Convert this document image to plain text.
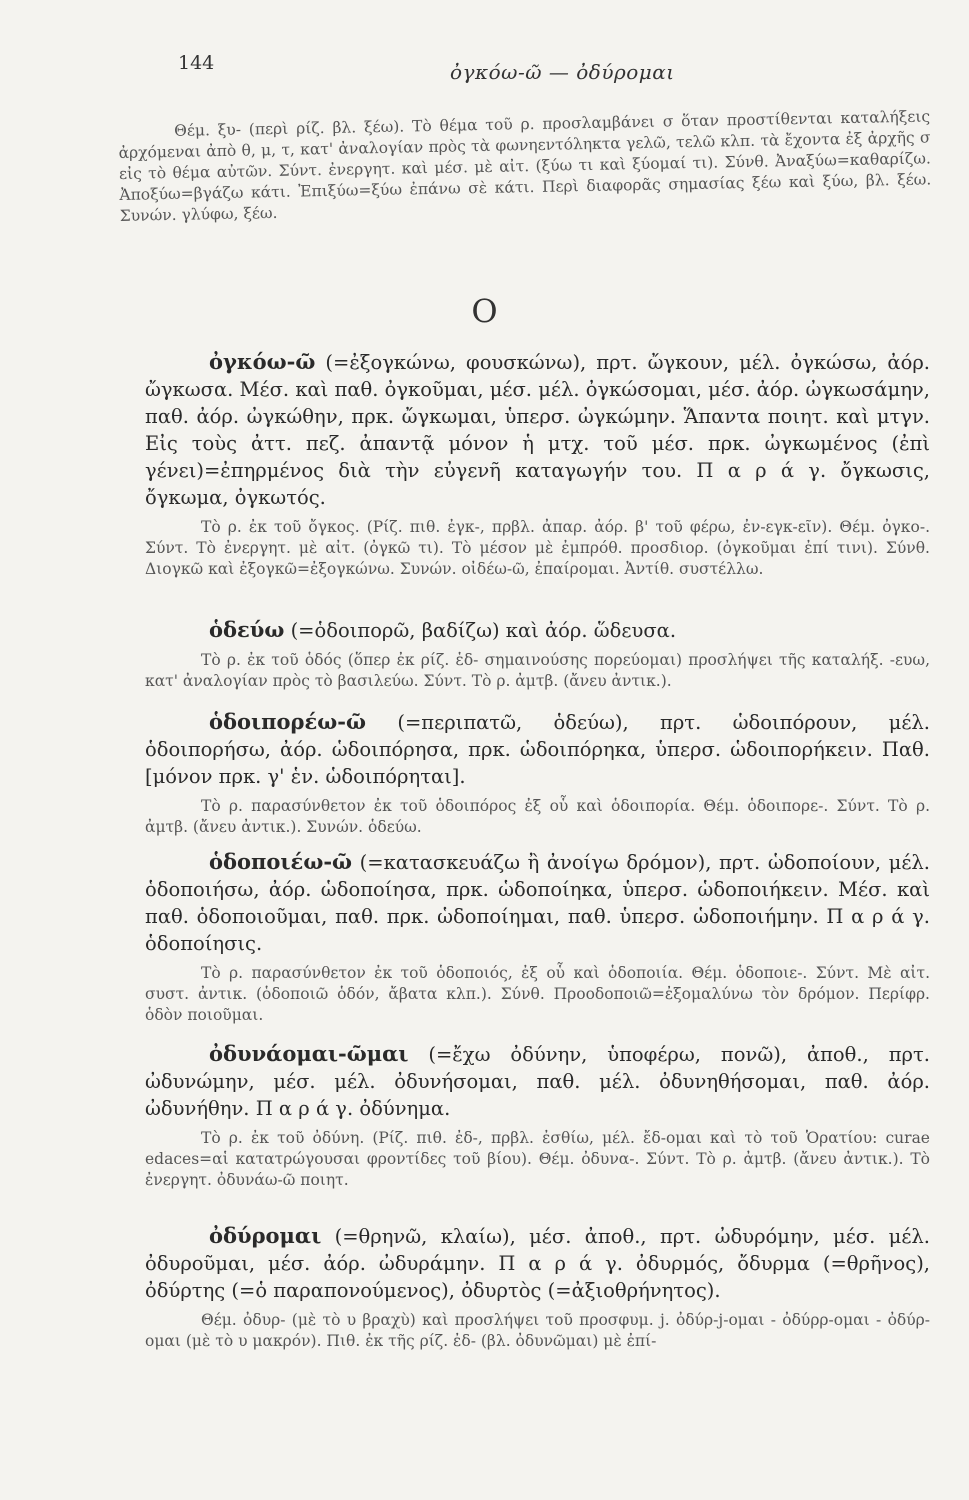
144	ὀγκόω-ῶ — ὀδύρομαι

Θέμ. ξυ- (περὶ ρίζ. βλ. ξέω). Τὸ θέμα τοῦ ρ. προσλαμβάνει σ ὅταν προστίθενται καταλήξεις ἀρχόμεναι ἀπὸ θ, μ, τ, κατ' ἀναλογίαν πρὸς τὰ φωνηεντόληκτα γελῶ, τελῶ κλπ. τὰ ἔχοντα ἐξ ἀρχῆς σ εἰς τὸ θέμα αὐτῶν. Σύντ. ἐνεργητ. καὶ μέσ. μὲ αἰτ. (ξύω τι καὶ ξύομαί τι). Σύνθ. Ἀναξύω=καθαρίζω. Ἀποξύω=βγάζω κάτι. Ἐπιξύω=ξύω ἐπάνω σὲ κάτι. Περὶ διαφορᾶς σημασίας ξέω καὶ ξύω, βλ. ξέω. Συνών. γλύφω, ξέω.

Ο

ὀγκόω-ῶ (=ἐξογκώνω, φουσκώνω), πρτ. ὤγκουν, μέλ. ὀγκώσω, ἀόρ. ὤγκωσα. Μέσ. καὶ παθ. ὀγκοῦμαι, μέσ. μέλ. ὀγκώσομαι, μέσ. ἀόρ. ὠγκωσάμην, παθ. ἀόρ. ὠγκώθην, πρκ. ὤγκωμαι, ὑπερσ. ὠγκώμην. Ἅπαντα ποιητ. καὶ μτγν. Εἰς τοὺς ἀττ. πεζ. ἀπαντᾷ μόνον ἡ μτχ. τοῦ μέσ. πρκ. ὠγκωμένος (ἐπὶ γένει)=ἐπηρμένος διὰ τὴν εὐγενῆ καταγωγήν του. Π α ρ ά γ. ὄγκωσις, ὄγκωμα, ὀγκωτός.

Τὸ ρ. ἐκ τοῦ ὄγκος. (Ρίζ. πιθ. ἐγκ-, πρβλ. ἀπαρ. ἀόρ. β' τοῦ φέρω, ἐν-εγκ-εῖν). Θέμ. ὀγκο-. Σύντ. Τὸ ἐνεργητ. μὲ αἰτ. (ὀγκῶ τι). Τὸ μέσον μὲ ἐμπρόθ. προσδιορ. (ὀγκοῦμαι ἐπί τινι). Σύνθ. Διογκῶ καὶ ἐξογκῶ=ἐξογκώνω. Συνών. οἰδέω-ῶ, ἐπαίρομαι. Ἀντίθ. συστέλλω.

ὁδεύω (=ὁδοιπορῶ, βαδίζω) καὶ ἀόρ. ὥδευσα.

Τὸ ρ. ἐκ τοῦ ὁδός (ὅπερ ἐκ ρίζ. ἑδ- σημαινούσης πορεύομαι) προσλήψει τῆς καταλήξ. -ευω, κατ' ἀναλογίαν πρὸς τὸ βασιλεύω. Σύντ. Τὸ ρ. ἀμτβ. (ἄνευ ἀντικ.).

ὁδοιπορέω-ῶ (=περιπατῶ, ὁδεύω), πρτ. ὡδοιπόρουν, μέλ. ὁδοιπορήσω, ἀόρ. ὡδοιπόρησα, πρκ. ὡδοιπόρηκα, ὑπερσ. ὡδοιπορήκειν. Παθ. [μόνον πρκ. γ' ἑν. ὡδοιπόρηται].

Τὸ ρ. παρασύνθετον ἐκ τοῦ ὁδοιπόρος ἐξ οὗ καὶ ὁδοιπορία. Θέμ. ὁδοιπορε-. Σύντ. Τὸ ρ. ἀμτβ. (ἄνευ ἀντικ.). Συνών. ὁδεύω.

ὁδοποιέω-ῶ (=κατασκευάζω ἢ ἀνοίγω δρόμον), πρτ. ὡδοποίουν, μέλ. ὁδοποιήσω, ἀόρ. ὡδοποίησα, πρκ. ὡδοποίηκα, ὑπερσ. ὡδοποιήκειν. Μέσ. καὶ παθ. ὁδοποιοῦμαι, παθ. πρκ. ὡδοποίημαι, παθ. ὑπερσ. ὡδοποιήμην. Π α ρ ά γ. ὁδοποίησις.

Τὸ ρ. παρασύνθετον ἐκ τοῦ ὁδοποιός, ἐξ οὗ καὶ ὁδοποιία. Θέμ. ὁδοποιε-. Σύντ. Μὲ αἰτ. συστ. ἀντικ. (ὁδοποιῶ ὁδόν, ἄβατα κλπ.). Σύνθ. Προοδοποιῶ=ἐξομαλύνω τὸν δρόμον. Περίφρ. ὁδὸν ποιοῦμαι.

ὀδυνάομαι-ῶμαι (=ἔχω ὀδύνην, ὑποφέρω, πονῶ), ἀποθ., πρτ. ὠδυνώμην, μέσ. μέλ. ὀδυνήσομαι, παθ. μέλ. ὀδυνηθήσομαι, παθ. ἀόρ. ὠδυνήθην. Π α ρ ά γ. ὀδύνημα.

Τὸ ρ. ἐκ τοῦ ὀδύνη. (Ρίζ. πιθ. ἐδ-, πρβλ. ἐσθίω, μέλ. ἔδ-ομαι καὶ τὸ τοῦ Ὁρατίου: curae edaces=αἱ κατατρώγουσαι φροντίδες τοῦ βίου). Θέμ. ὀδυνα-. Σύντ. Τὸ ρ. ἀμτβ. (ἄνευ ἀντικ.). Τὸ ἐνεργητ. ὀδυνάω-ῶ ποιητ.

ὀδύρομαι (=θρηνῶ, κλαίω), μέσ. ἀποθ., πρτ. ὠδυρόμην, μέσ. μέλ. ὀδυροῦμαι, μέσ. ἀόρ. ὠδυράμην. Π α ρ ά γ. ὀδυρμός, ὄδυρμα (=θρῆνος), ὀδύρτης (=ὁ παραπονούμενος), ὀδυρτὸς (=ἀξιοθρήνητος).

Θέμ. ὀδυρ- (μὲ τὸ υ βραχὺ) καὶ προσλήψει τοῦ προσφυμ. j. ὀδύρ-j-ομαι - ὀδύρρ-ομαι - ὀδύρ-ομαι (μὲ τὸ υ μακρόν). Πιθ. ἐκ τῆς ρίζ. ἐδ- (βλ. ὀδυνῶμαι) μὲ ἐπί-
